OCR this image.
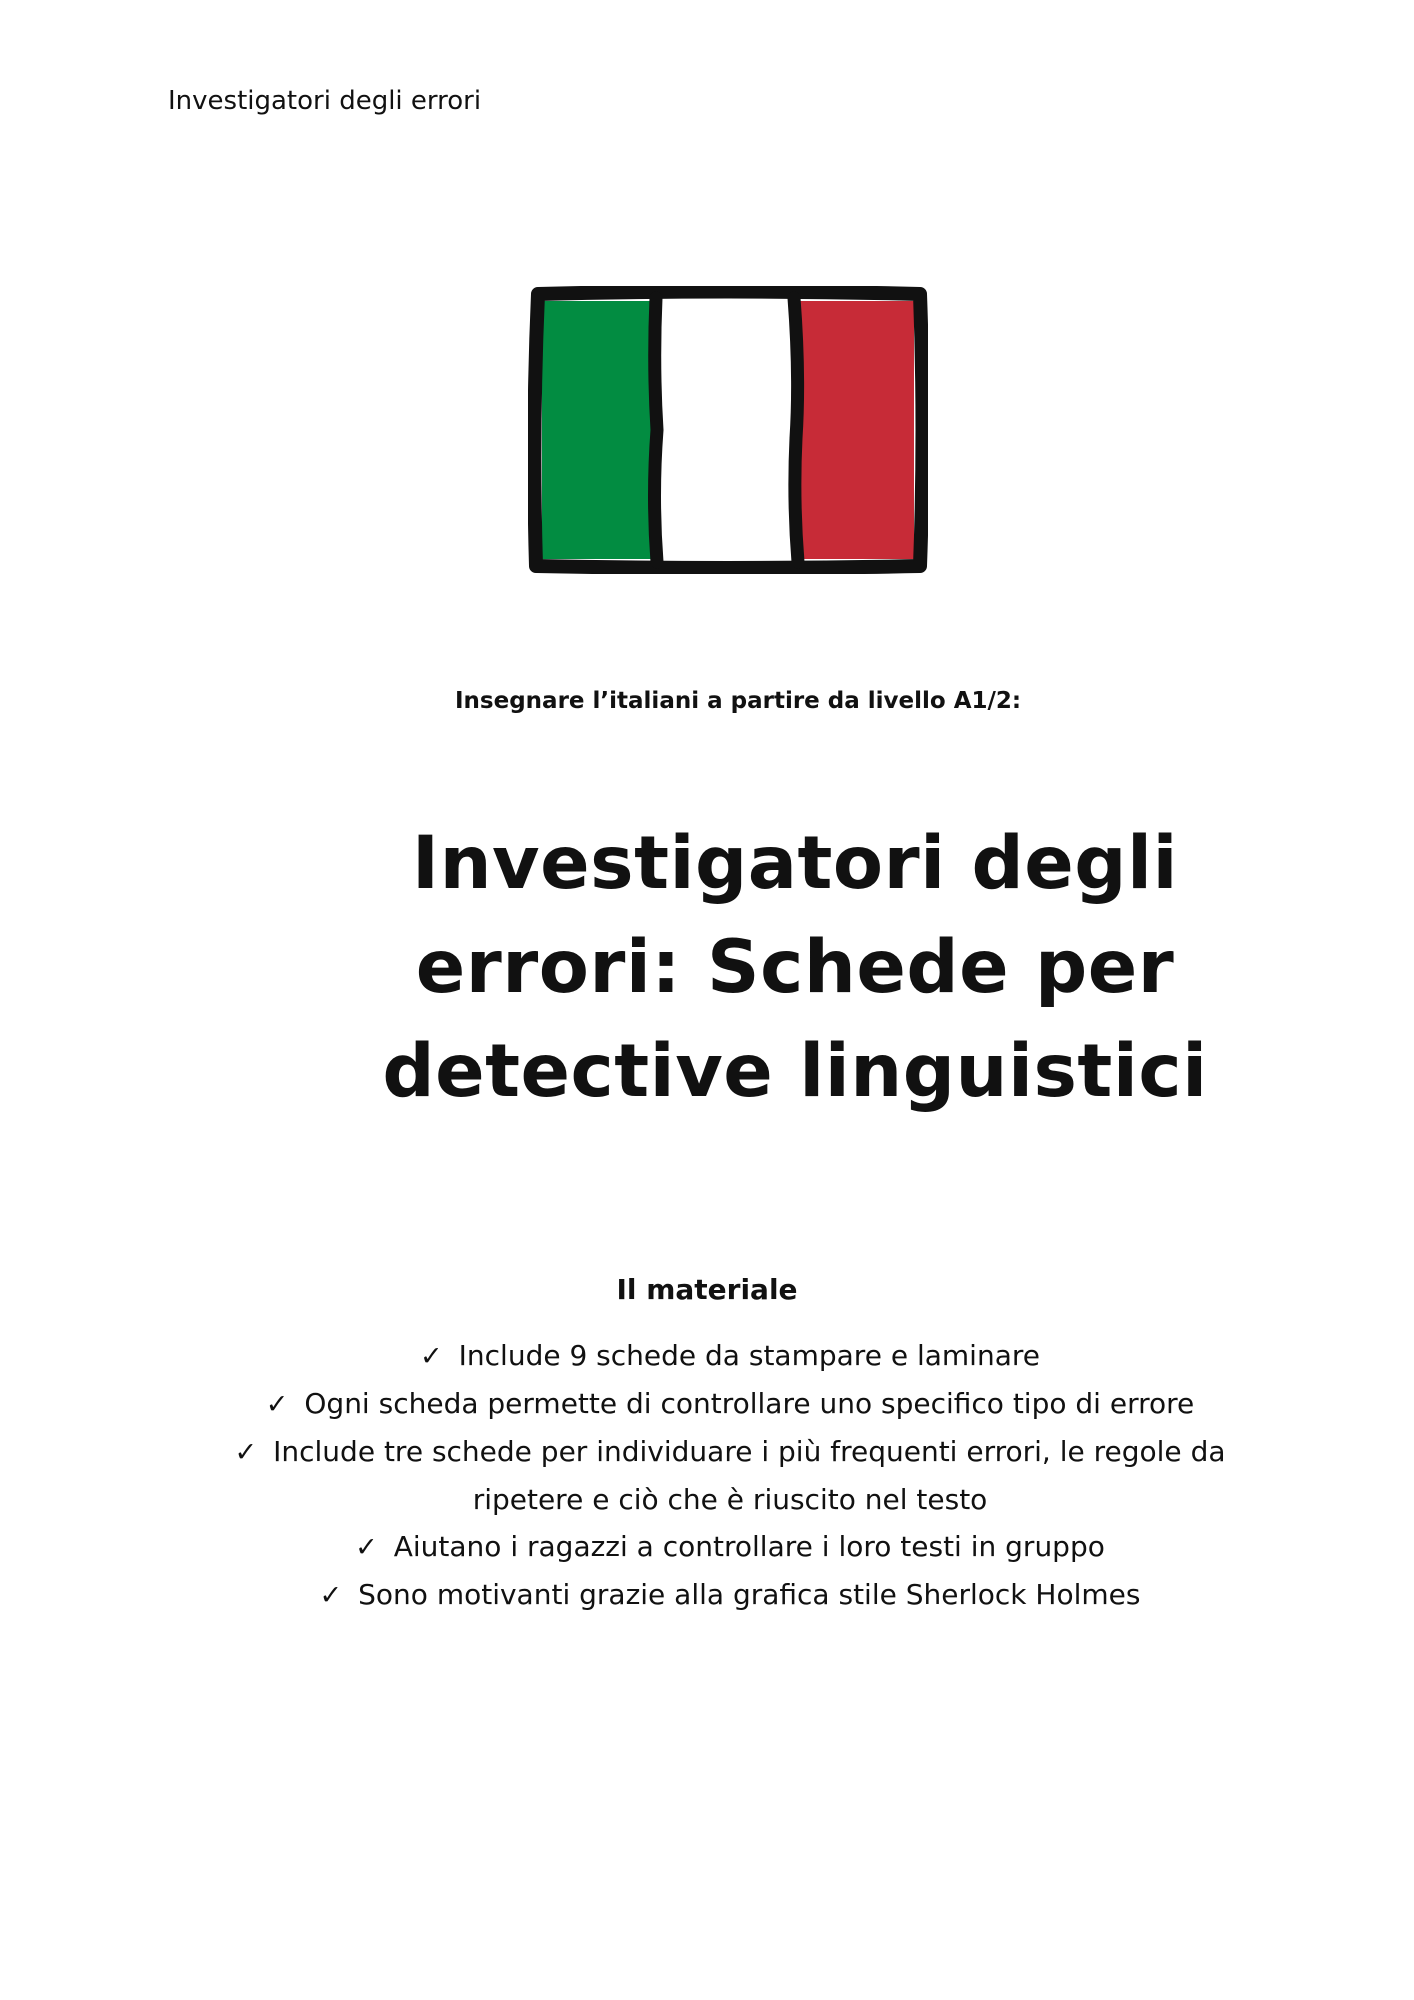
Investigatori degli errori
Insegnare l’italiani a partire da livello A1/2:
Investigatori degli
errori: Schede per
detective linguistici
Il materiale
✓ Include 9 schede da stampare e laminare
✓ Ogni scheda permette di controllare uno specifico tipo di errore
✓ Include tre schede per individuare i più frequenti errori, le regole da ripetere e ciò che è riuscito nel testo
✓ Aiutano i ragazzi a controllare i loro testi in gruppo
✓ Sono motivanti grazie alla grafica stile Sherlock Holmes
